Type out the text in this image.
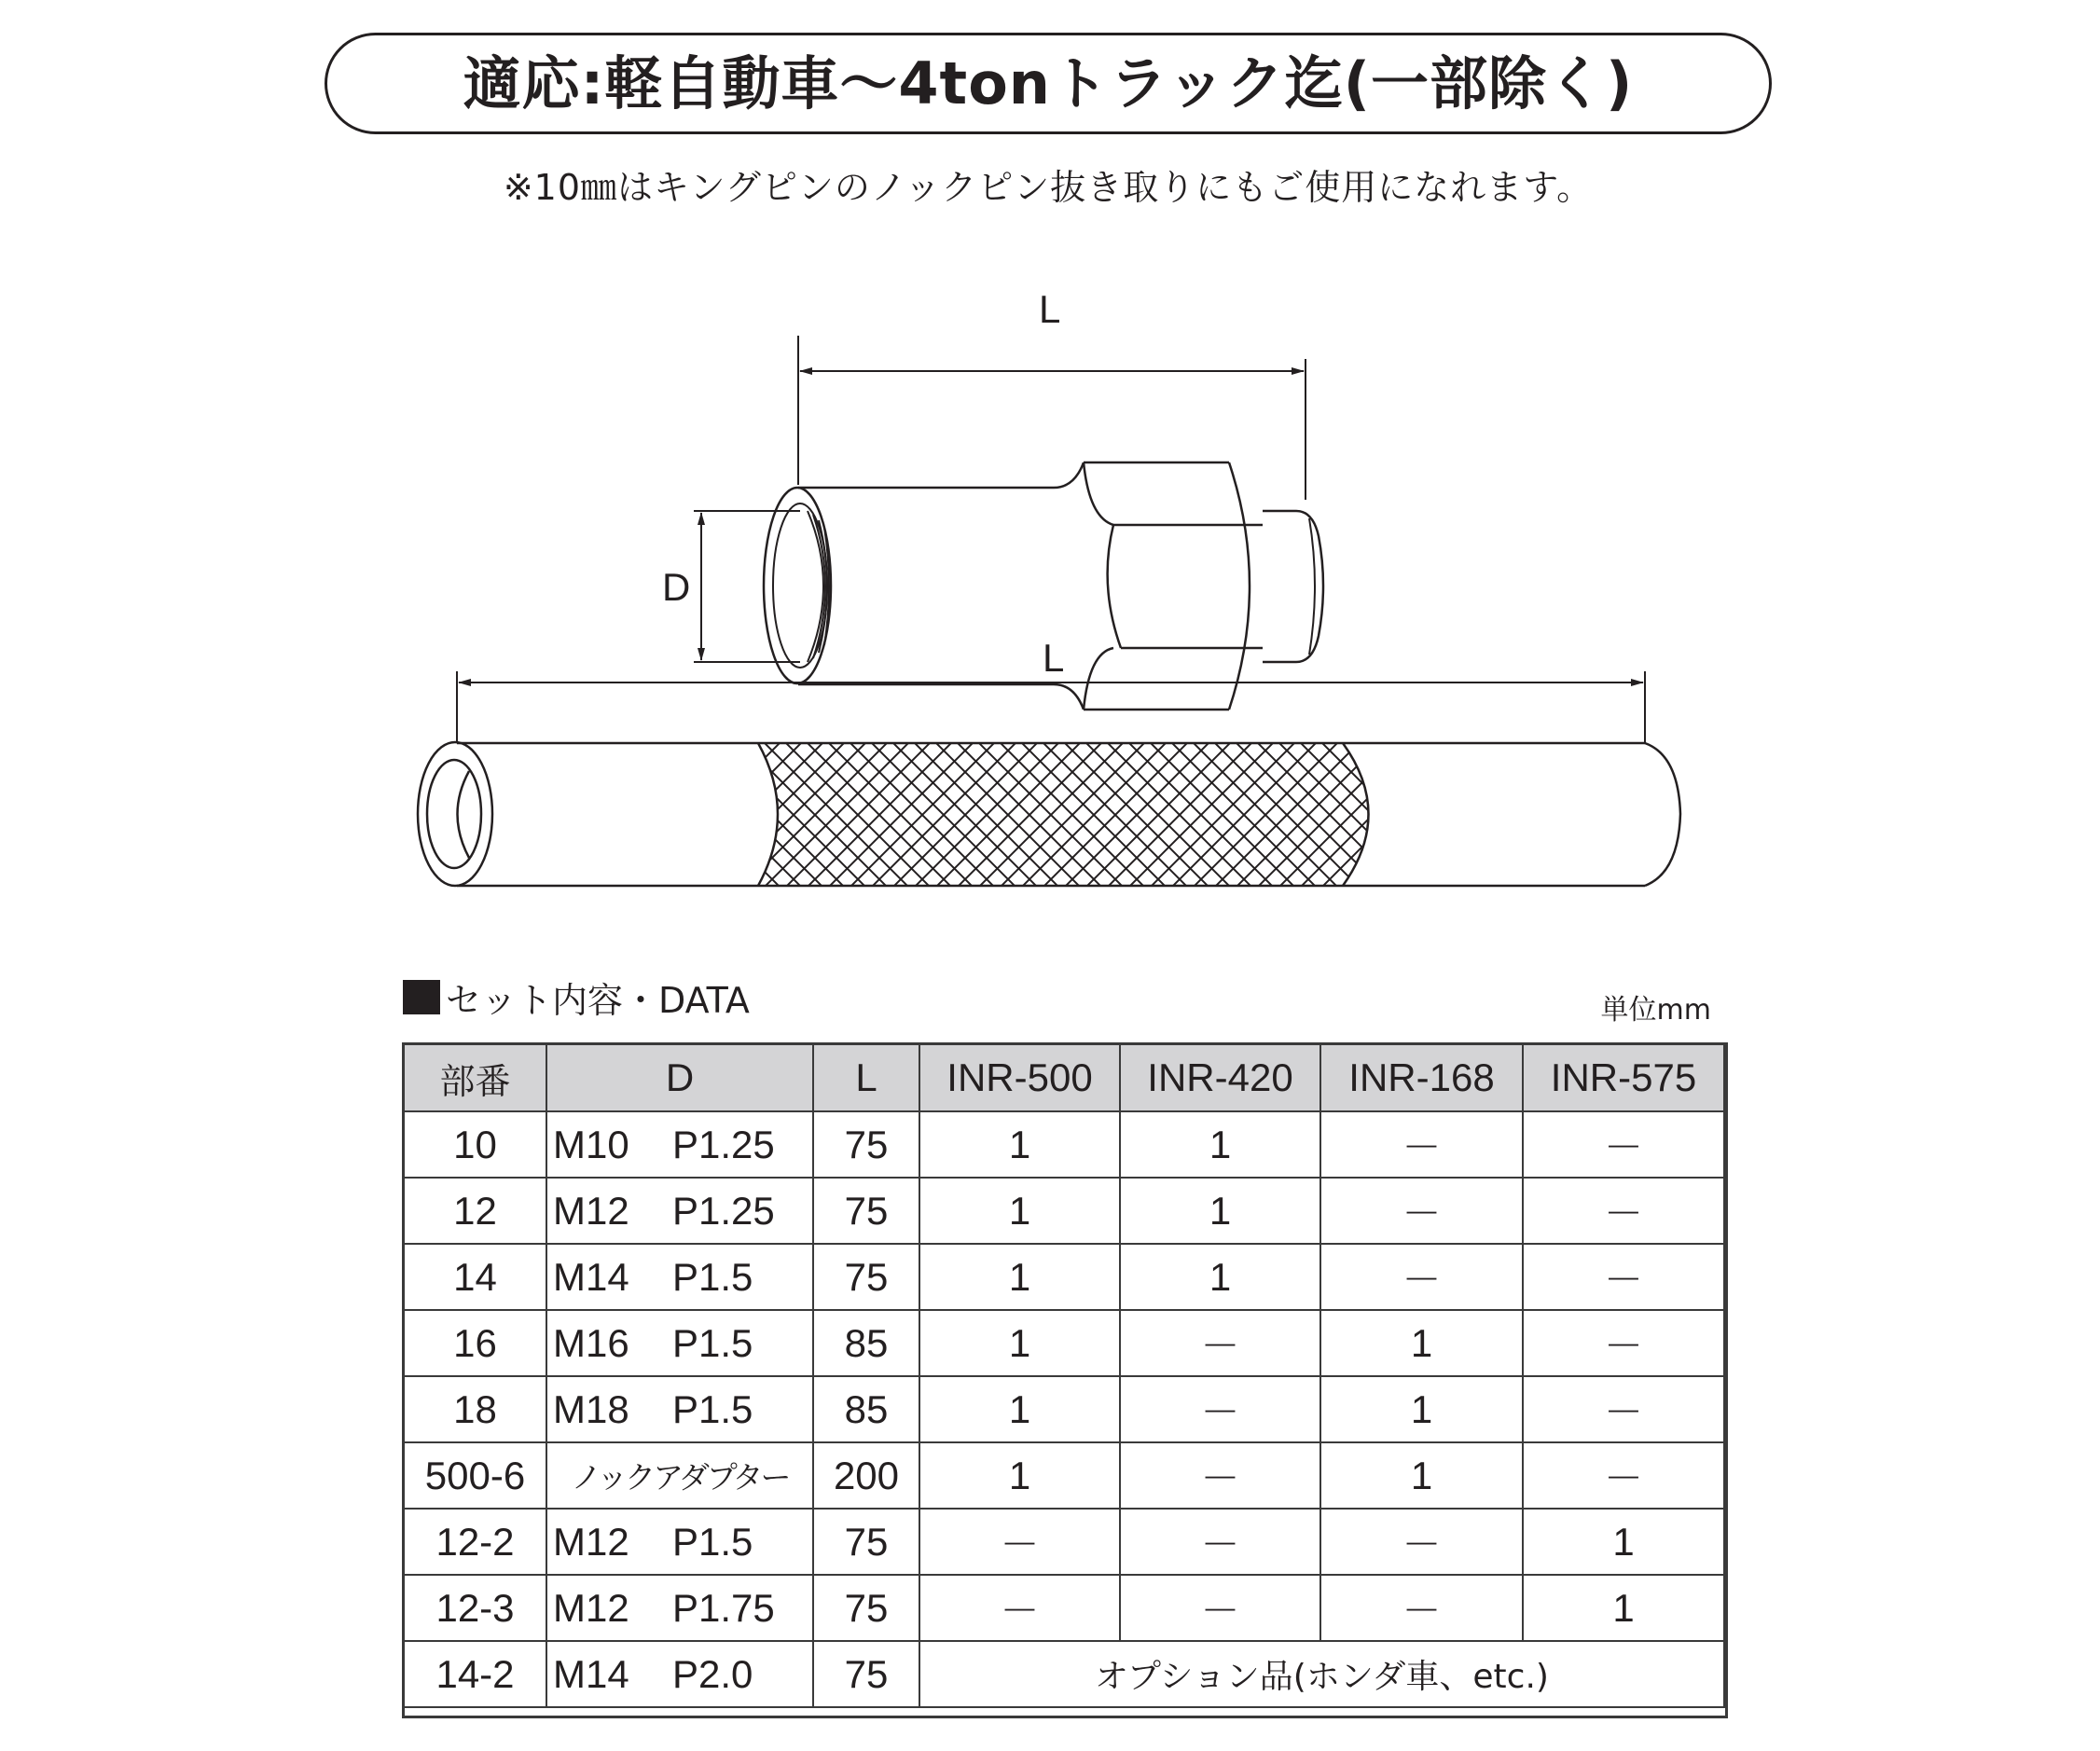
適応:軽自動車〜4tonトラック迄(一部除く)
※10㎜はキングピンのノックピン抜き取りにもご使用になれます。
L
D
L
セット内容・DATA	単位mm
部番	D	L	INR-500	INR-420	INR-168	INR-575
10	M10 P1.25	75	1	1	－	－
12	M12 P1.25	75	1	1	－	－
14	M14 P1.5	75	1	1	－	－
16	M16 P1.5	85	1	－	1	－
18	M18 P1.5	85	1	－	1	－
500-6	ノックアダプター	200	1	－	1	－
12-2	M12 P1.5	75	－	－	－	1
12-3	M12 P1.75	75	－	－	－	1
14-2	M14 P2.0	75	オプション品(ホンダ車、etc.)			
